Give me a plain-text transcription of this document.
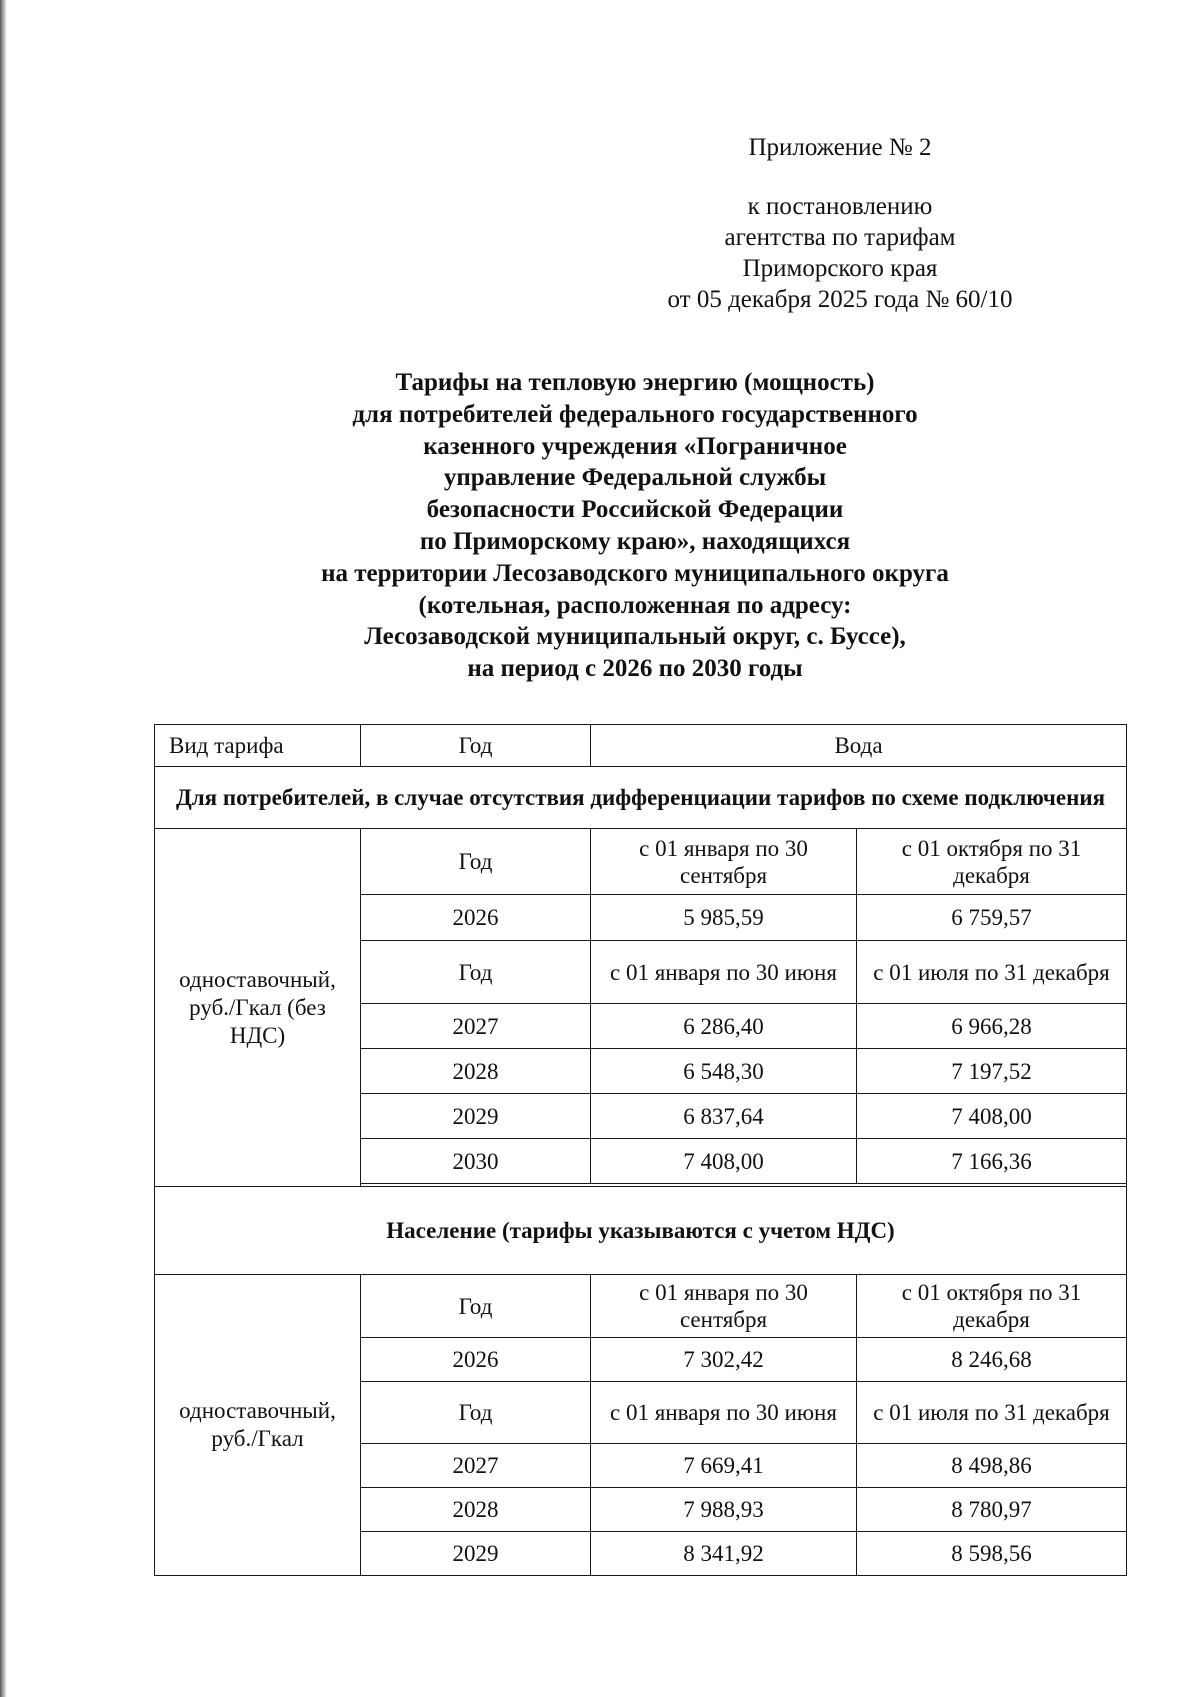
Приложение № 2
к постановлению
агентства по тарифам
Приморского края
от 05 декабря 2025 года № 60/10
Тарифы на тепловую энергию (мощность)
для потребителей федерального государственного
казенного учреждения «Пограничное
управление Федеральной службы
безопасности Российской Федерации
по Приморскому краю», находящихся
на территории Лесозаводского муниципального округа
(котельная, расположенная по адресу:
Лесозаводской муниципальный округ, с. Буссе),
на период с 2026 по 2030 годы
Вид тарифа	Год	Вода	
Для потребителей, в случае отсутствия дифференциации тарифов по схеме подключения			
одноставочный, руб./Гкал (без НДС)	Год	с 01 января по 30 сентября	с 01 октября по 31 декабря
	2026	5 985,59	6 759,57
	Год	с 01 января по 30 июня	с 01 июля по 31 декабря
	2027	6 286,40	6 966,28
	2028	6 548,30	7 197,52
	2029	6 837,64	7 408,00
	2030	7 408,00	7 166,36

Население (тарифы указываются с учетом НДС)			
одноставочный, руб./Гкал	Год	с 01 января по 30 сентября	с 01 октября по 31 декабря
	2026	7 302,42	8 246,68
	Год	с 01 января по 30 июня	с 01 июля по 31 декабря
	2027	7 669,41	8 498,86
	2028	7 988,93	8 780,97
	2029	8 341,92	8 598,56
